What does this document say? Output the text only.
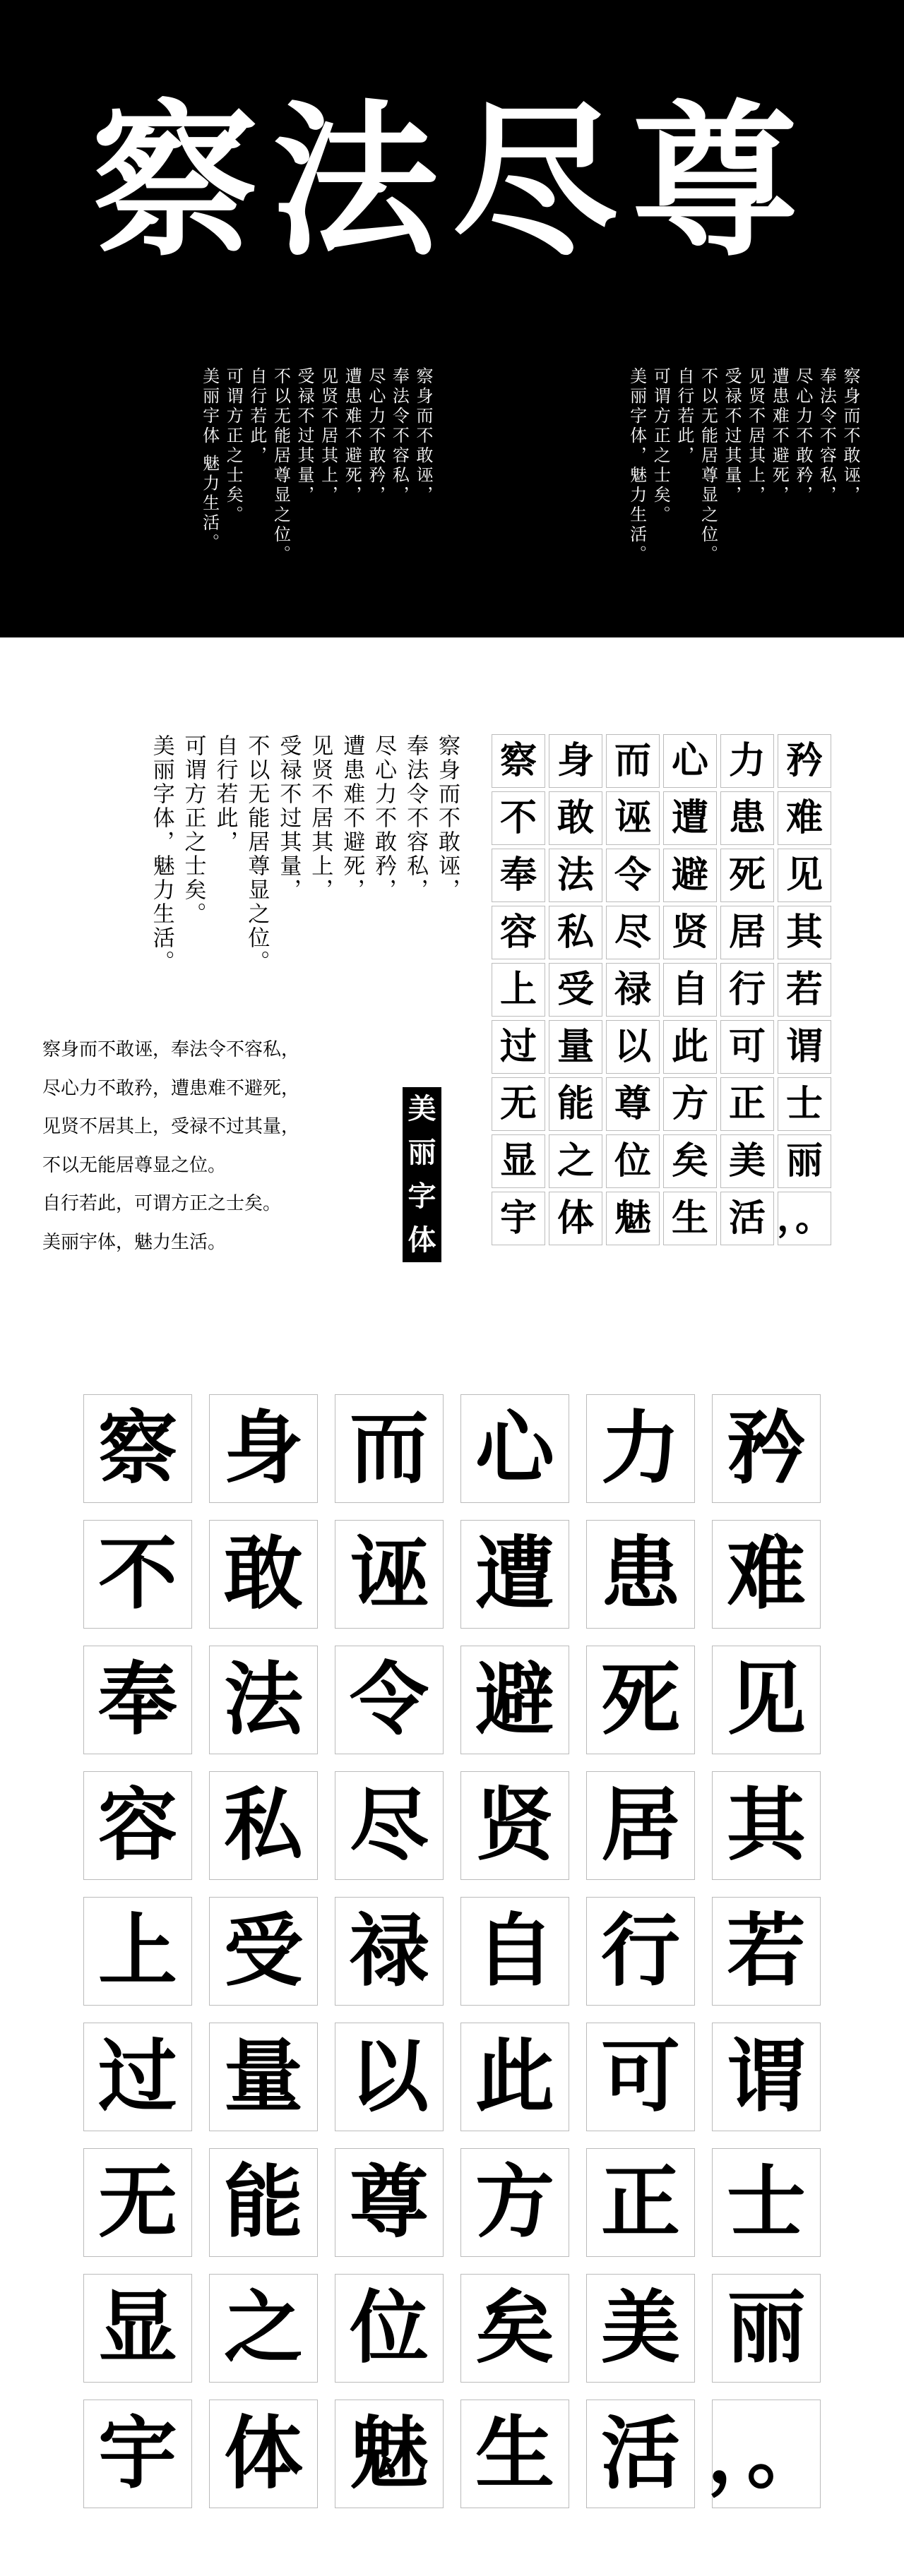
察法尽尊
察身而不敢诬，
奉法令不容私，
尽心力不敢矜，
遭患难不避死，
见贤不居其上，
受禄不过其量，
不以无能居尊显之位。
自行若此，
可谓方正之士矣。
美丽字体，魅力生活。
察身而不敢诬，
奉法令不容私，
尽心力不敢矜，
遭患难不避死，
见贤不居其上，
受禄不过其量，
不以无能居尊显之位。
自行若此，
可谓方正之士矣。
美丽宇体 魅力生活。
察身而不敢诬，
奉法令不容私，
尽心力不敢矜，
遭患难不避死，
见贤不居其上，
受禄不过其量，
不以无能居尊显之位。
自行若此，
可谓方正之士矣。
美丽字体，魅力生活。
察身而不敢诬，奉法令不容私，
尽心力不敢矜，遭患难不避死，
见贤不居其上，受禄不过其量，
不以无能居尊显之位。
自行若此，可谓方正之士矣。
美丽宇体，魅力生活。
美
丽
字
体
察 身 而 心 力 矜
不 敢 诬 遭 患 难
奉 法 令 避 死 见
容 私 尽 贤 居 其
上 受 禄 自 行 若
过 量 以 此 可 谓
无 能 尊 方 正 士
显 之 位 矣 美 丽
宇 体 魅 生 活 ，。
察 身 而 心 力 矜
不 敢 诬 遭 患 难
奉 法 令 避 死 见
容 私 尽 贤 居 其
上 受 禄 自 行 若
过 量 以 此 可 谓
无 能 尊 方 正 士
显 之 位 矣 美 丽
宇 体 魅 生 活 ，。
